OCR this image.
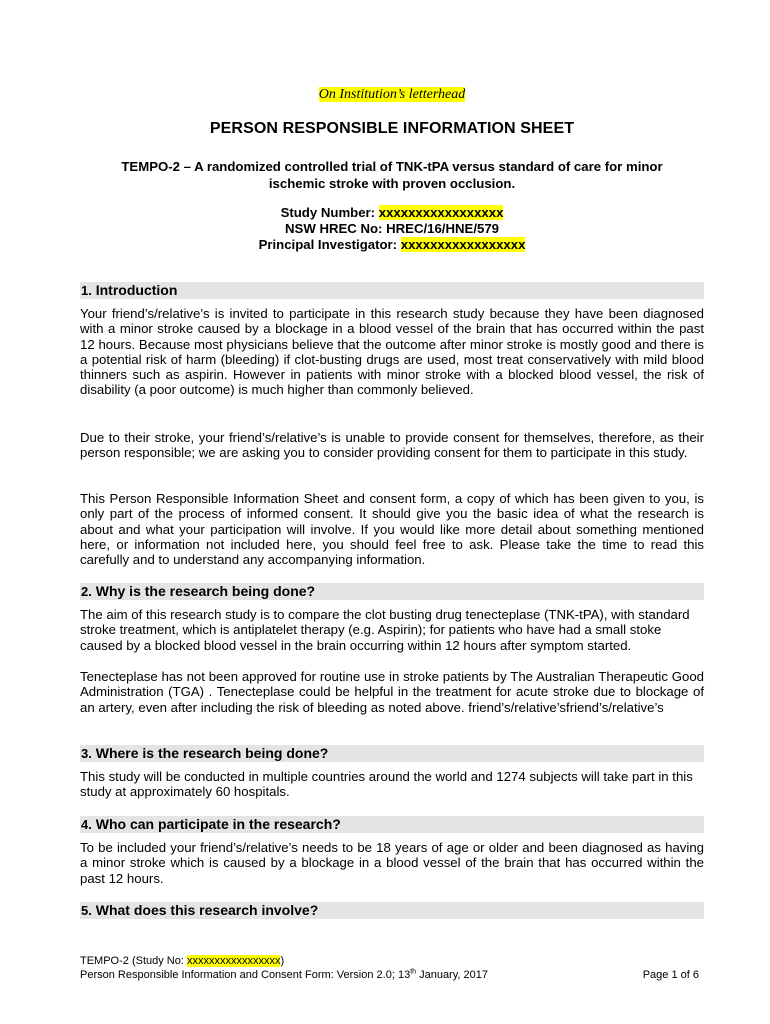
On Institution’s letterhead
PERSON RESPONSIBLE INFORMATION SHEET
TEMPO-2 – A randomized controlled trial of TNK-tPA versus standard of care for minor ischemic stroke with proven occlusion.
Study Number: xxxxxxxxxxxxxxxxx
NSW HREC No: HREC/16/HNE/579
Principal Investigator: xxxxxxxxxxxxxxxxx
1. Introduction

Your friend’s/relative’s is invited to participate in this research study because they have been diagnosed with a minor stroke caused by a blockage in a blood vessel of the brain that has occurred within the past 12 hours. Because most physicians believe that the outcome after minor stroke is mostly good and there is a potential risk of harm (bleeding) if clot-busting drugs are used, most treat conservatively with mild blood thinners such as aspirin. However in patients with minor stroke with a blocked blood vessel, the risk of disability (a poor outcome) is much higher than commonly believed.

Due to their stroke, your friend’s/relative’s is unable to provide consent for themselves, therefore, as their person responsible; we are asking you to consider providing consent for them to participate in this study.

This Person Responsible Information Sheet and consent form, a copy of which has been given to you, is only part of the process of informed consent. It should give you the basic idea of what the research is about and what your participation will involve. If you would like more detail about something mentioned here, or information not included here, you should feel free to ask. Please take the time to read this carefully and to understand any accompanying information.

2. Why is the research being done?

The aim of this research study is to compare the clot busting drug tenecteplase (TNK-tPA), with standard stroke treatment, which is antiplatelet therapy (e.g. Aspirin); for patients who have had a small stoke caused by a blocked blood vessel in the brain occurring within 12 hours after symptom started.

Tenecteplase has not been approved for routine use in stroke patients by The Australian Therapeutic Good Administration (TGA) . Tenecteplase could be helpful in the treatment for acute stroke due to blockage of an artery, even after including the risk of bleeding as noted above. friend’s/relative’sfriend’s/relative’s

3. Where is the research being done?

This study will be conducted in multiple countries around the world and 1274 subjects will take part in this study at approximately 60 hospitals.

4. Who can participate in the research?

To be included your friend’s/relative’s needs to be 18 years of age or older and been diagnosed as having a minor stroke which is caused by a blockage in a blood vessel of the brain that has occurred within the past 12 hours.

5. What does this research involve?
TEMPO-2 (Study No: xxxxxxxxxxxxxxxxx)
Person Responsible Information and Consent Form: Version 2.0; 13th January, 2017	Page 1 of 6
